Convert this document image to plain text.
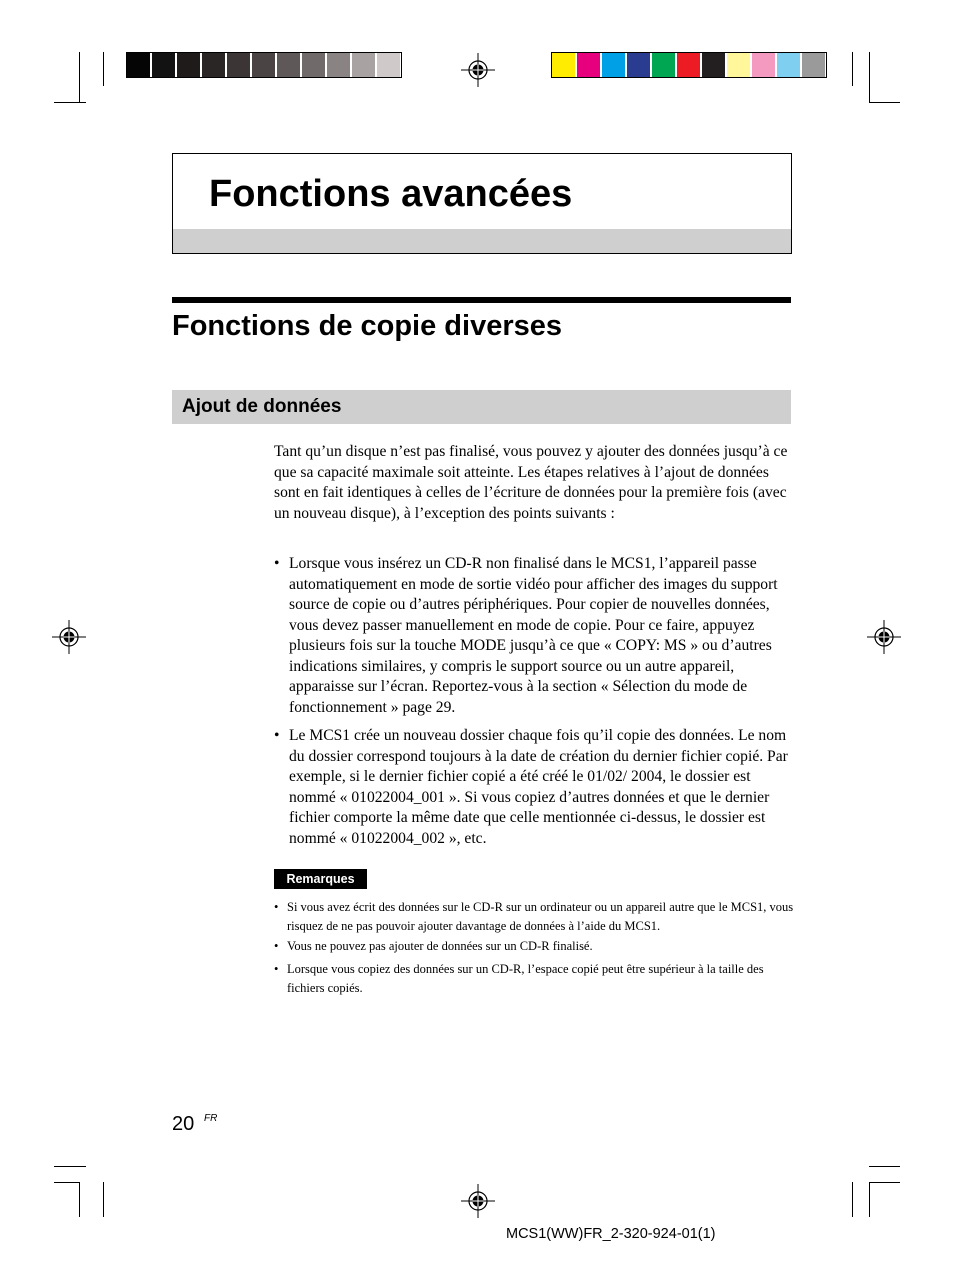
Fonctions avancées
Fonctions de copie diverses
Ajout de données
Tant qu’un disque n’est pas finalisé, vous pouvez y ajouter des données jusqu’à ce que sa capacité maximale soit atteinte. Les étapes relatives à l’ajout de données sont en fait identiques à celles de l’écriture de données pour la première fois (avec un nouveau disque), à l’exception des points suivants :
• Lorsque vous insérez un CD-R non finalisé dans le MCS1, l’appareil passe automatiquement en mode de sortie vidéo pour afficher des images du support source de copie ou d’autres périphériques. Pour copier de nouvelles données, vous devez passer manuellement en mode de copie. Pour ce faire, appuyez plusieurs fois sur la touche MODE jusqu’à ce que « COPY: MS » ou d’autres indications similaires, y compris le support source ou un autre appareil, apparaisse sur l’écran. Reportez-vous à la section « Sélection du mode de fonctionnement » page 29.
• Le MCS1 crée un nouveau dossier chaque fois qu’il copie des données. Le nom du dossier correspond toujours à la date de création du dernier fichier copié. Par exemple, si le dernier fichier copié a été créé le 01/02/ 2004, le dossier est nommé « 01022004_001 ». Si vous copiez d’autres données et que le dernier fichier comporte la même date que celle mentionnée ci-dessus, le dossier est nommé « 01022004_002 », etc.
Remarques
• Si vous avez écrit des données sur le CD-R sur un ordinateur ou un appareil autre que le MCS1, vous risquez de ne pas pouvoir ajouter davantage de données à l’aide du MCS1.
• Vous ne pouvez pas ajouter de données sur un CD-R finalisé.
• Lorsque vous copiez des données sur un CD-R, l’espace copié peut être supérieur à la taille des fichiers copiés.
20 FR
MCS1(WW)FR_2-320-924-01(1)
